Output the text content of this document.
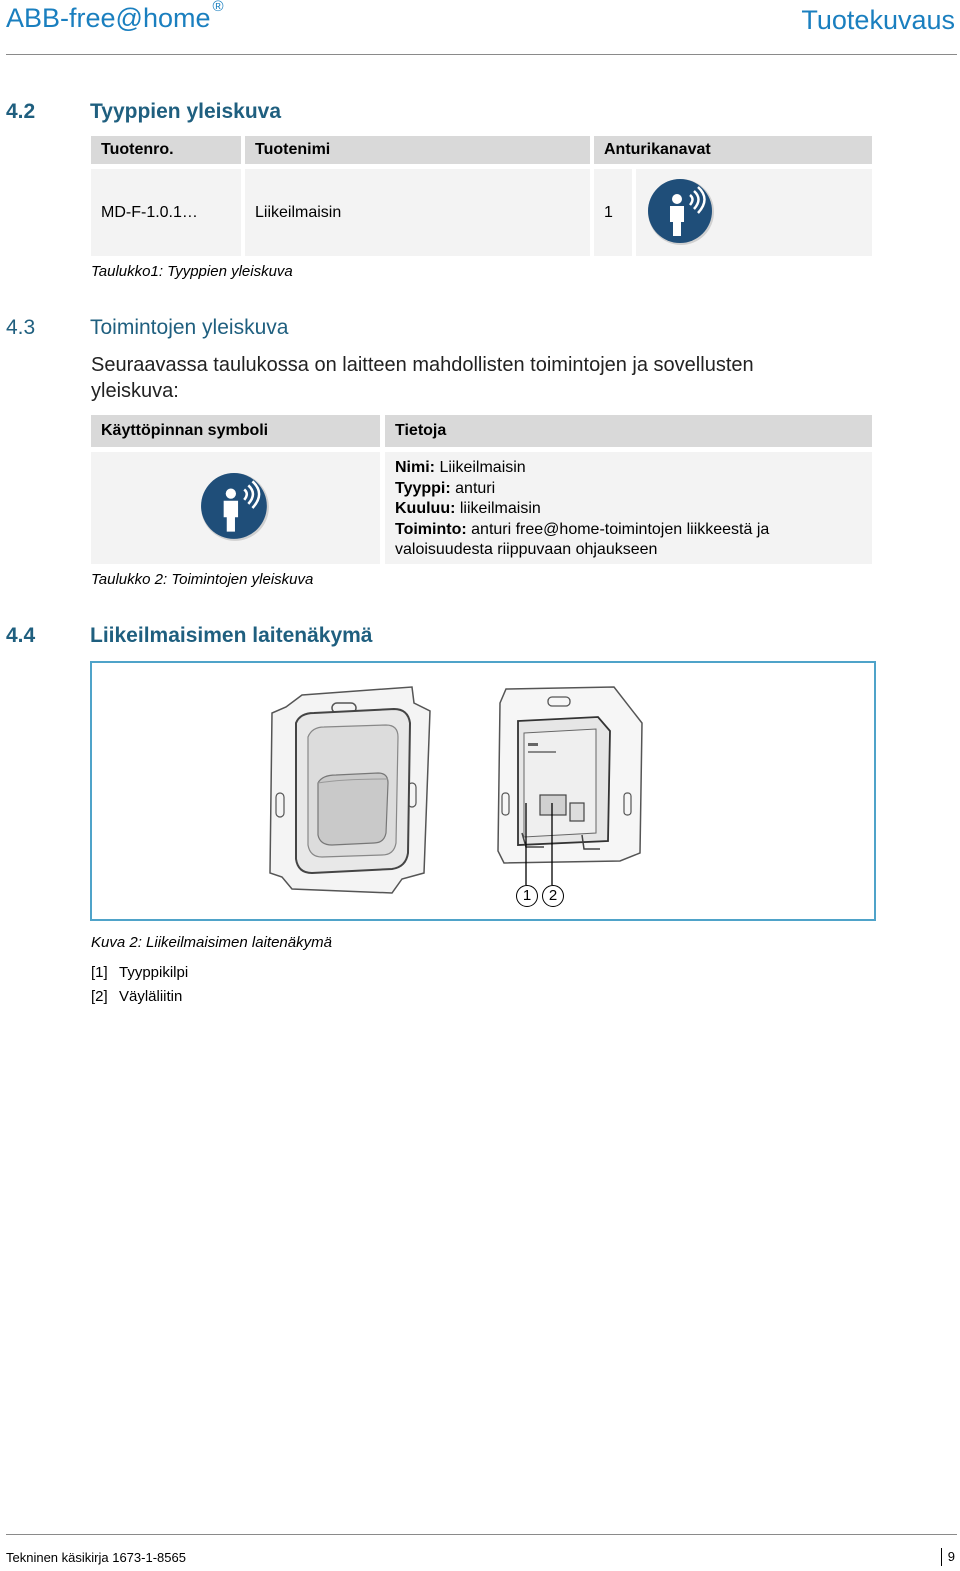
ABB-free@home ®	Tuotekuvaus
4.2	Tyyppien yleiskuva
Tuotenro.	Tuotenimi	Anturikanavat
MD-F-1.0.1…	Liikeilmaisin	1
Taulukko1: Tyyppien yleiskuva
4.3	Toimintojen yleiskuva
Seuraavassa taulukossa on laitteen mahdollisten toimintojen ja sovellusten
yleiskuva:
Käyttöpinnan symboli	Tietoja
Nimi: Liikeilmaisin
Tyyppi: anturi
Kuuluu: liikeilmaisin
Toiminto: anturi free@home-toimintojen liikkeestä ja
valoisuudesta riippuvaan ohjaukseen
Taulukko 2: Toimintojen yleiskuva
4.4	Liikeilmaisimen laitenäkymä
1	2
Kuva 2: Liikeilmaisimen laitenäkymä
[1] Tyyppikilpi
[2] Väyläliitin
Tekninen käsikirja 1673-1-8565	9
